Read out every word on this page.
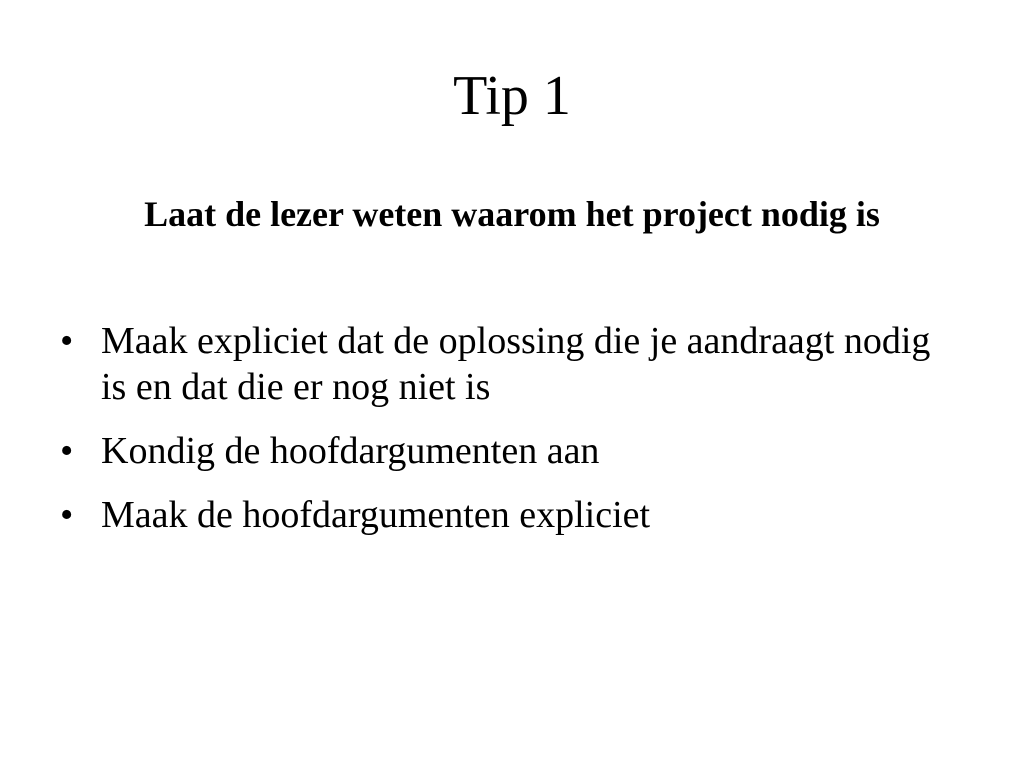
Tip 1
Laat de lezer weten waarom het project nodig is
• Maak expliciet dat de oplossing die je aandraagt nodig is en dat die er nog niet is
• Kondig de hoofdargumenten aan
• Maak de hoofdargumenten expliciet
